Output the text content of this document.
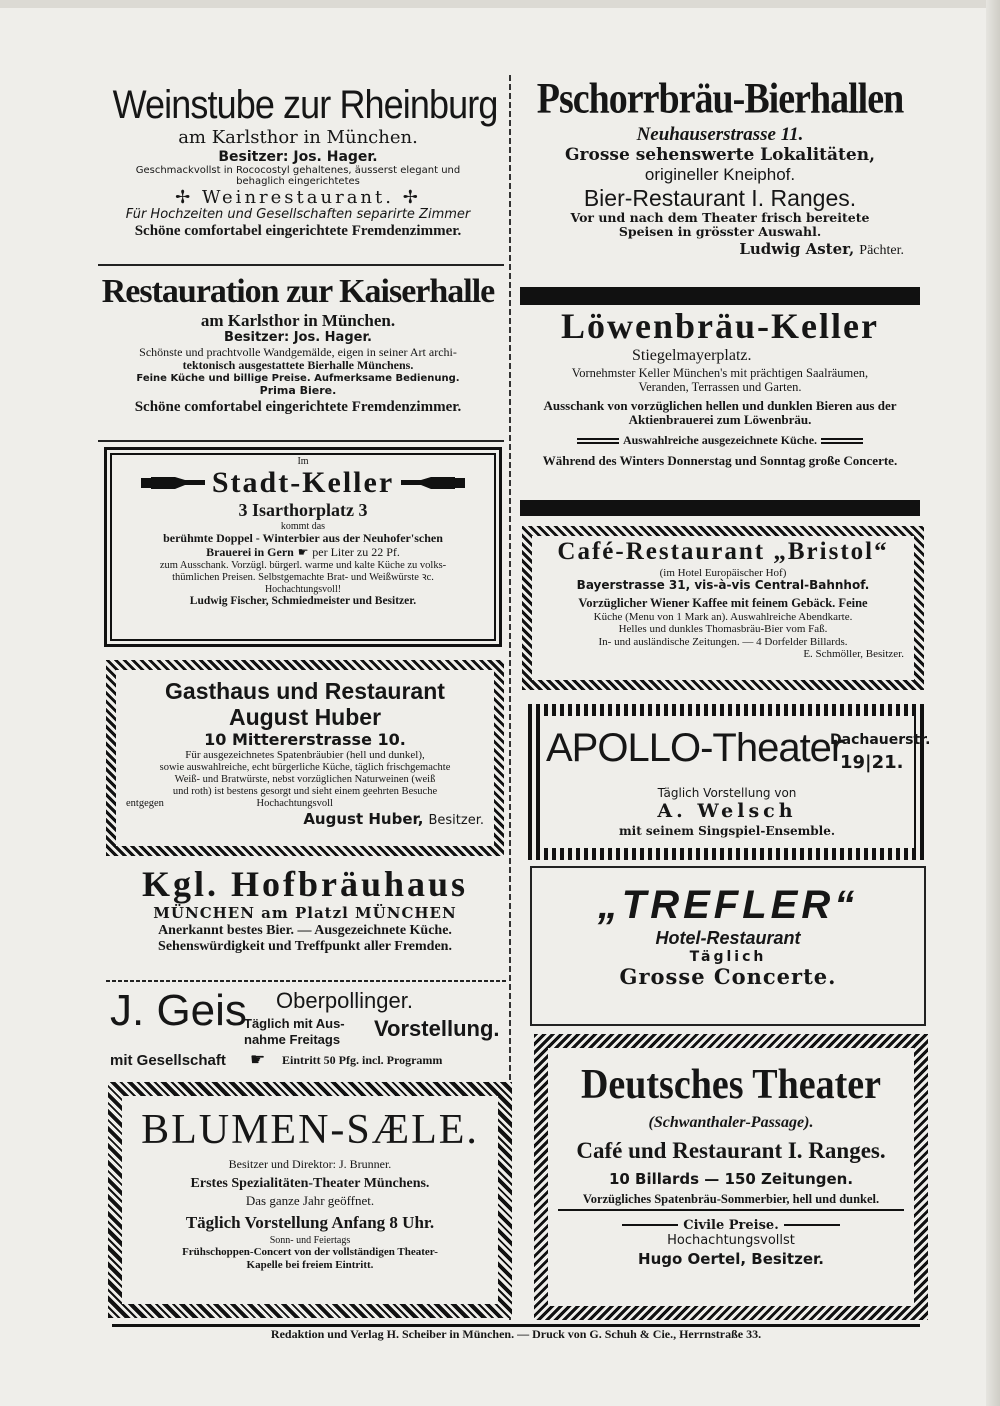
Weinstube zur Rheinburg
am Karlsthor in München.
Besitzer: Jos. Hager.
Geschmackvollst in Rococostyl gehaltenes, äusserst elegant und
behaglich eingerichtetes
✢ Weinrestaurant. ✢
Für Hochzeiten und Gesellschaften separirte Zimmer
Schöne comfortabel eingerichtete Fremdenzimmer.
Restauration zur Kaiserhalle
am Karlsthor in München.
Besitzer: Jos. Hager.
Schönste und prachtvolle Wandgemälde, eigen in seiner Art archi-
tektonisch ausgestattete Bierhalle Münchens.
Feine Küche und billige Preise. Aufmerksame Bedienung.
Prima Biere.
Schöne comfortabel eingerichtete Fremdenzimmer.
Im
Stadt-Keller
3 Isarthorplatz 3
kommt das
berühmte Doppel - Winterbier aus der Neuhofer'schen
Brauerei in Gern ☛ per Liter zu 22 Pf.
zum Ausschank. Vorzügl. bürgerl. warme und kalte Küche zu volks-
thümlichen Preisen. Selbstgemachte Brat- und Weißwürste ꝛc.
Hochachtungsvoll!
Ludwig Fischer, Schmiedmeister und Besitzer.
Gasthaus und Restaurant
August Huber
10 Mittererstrasse 10.
Für ausgezeichnetes Spatenbräubier (hell und dunkel),
sowie auswahlreiche, echt bürgerliche Küche, täglich frischgemachte
Weiß- und Bratwürste, nebst vorzüglichen Naturweinen (weiß
und roth) ist bestens gesorgt und sieht einem geehrten Besuche
entgegen	Hochachtungsvoll
August Huber, Besitzer.
Kgl. Hofbräuhaus
MÜNCHEN am Platzl MÜNCHEN
Anerkannt bestes Bier. — Ausgezeichnete Küche.
Sehenswürdigkeit und Treffpunkt aller Fremden.
J. Geis Oberpollinger.
Täglich mit Aus-
nahme Freitags Vorstellung.
mit Gesellschaft ☛ Eintritt 50 Pfg. incl. Programm
BLUMEN-SÆLE.
Besitzer und Direktor: J. Brunner.
Erstes Spezialitäten-Theater Münchens.
Das ganze Jahr geöffnet.
Täglich Vorstellung Anfang 8 Uhr.
Sonn- und Feiertags
Frühschoppen-Concert von der vollständigen Theater-
Kapelle bei freiem Eintritt.
Pschorrbräu-Bierhallen
Neuhauserstrasse 11.
Grosse sehenswerte Lokalitäten,
origineller Kneiphof.
Bier-Restaurant I. Ranges.
Vor und nach dem Theater frisch bereitete
Speisen in grösster Auswahl.
Ludwig Aster, Pächter.
Löwenbräu-Keller
Stiegelmayerplatz.
Vornehmster Keller München's mit prächtigen Saalräumen,
Veranden, Terrassen und Garten.
Ausschank von vorzüglichen hellen und dunklen Bieren aus der
Aktienbrauerei zum Löwenbräu.
Auswahlreiche ausgezeichnete Küche.
Während des Winters Donnerstag und Sonntag große Concerte.
Café-Restaurant „Bristol“
(im Hotel Europäischer Hof)
Bayerstrasse 31, vis-à-vis Central-Bahnhof.
Vorzüglicher Wiener Kaffee mit feinem Gebäck. Feine
Küche (Menu von 1 Mark an). Auswahlreiche Abendkarte.
Helles und dunkles Thomasbräu-Bier vom Faß.
In- und ausländische Zeitungen. — 4 Dorfelder Billards.
E. Schmöller, Besitzer.
APOLLO-Theater
Dachauerstr.
19|21.
Täglich Vorstellung von
A. Welsch
mit seinem Singspiel-Ensemble.
„TREFLER“
Hotel-Restaurant
Täglich
Grosse Concerte.
Deutsches Theater
(Schwanthaler-Passage).
Café und Restaurant I. Ranges.
10 Billards — 150 Zeitungen.
Vorzügliches Spatenbräu-Sommerbier, hell und dunkel.
Civile Preise.
Hochachtungsvollst
Hugo Oertel, Besitzer.
Redaktion und Verlag H. Scheiber in München. — Druck von G. Schuh & Cie., Herrnstraße 33.
